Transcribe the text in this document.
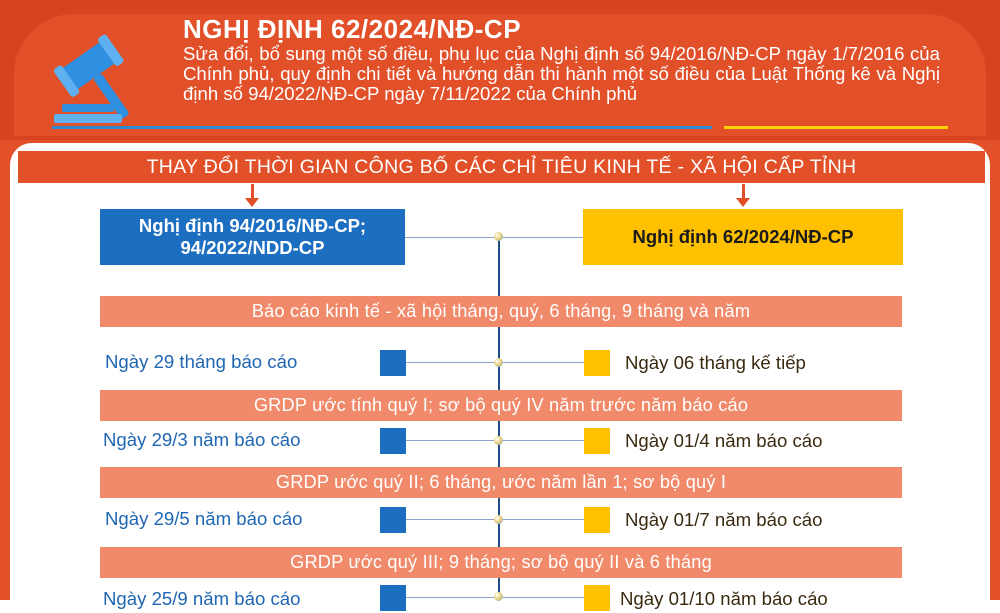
NGHỊ ĐỊNH 62/2024/NĐ-CP
Sửa đổi, bổ sung một số điều, phụ lục của Nghị định số 94/2016/NĐ-CP ngày 1/7/2016 của Chính phủ, quy định chi tiết và hướng dẫn thi hành một số điều của Luật Thống kê và Nghị định số 94/2022/NĐ-CP ngày 7/11/2022 của Chính phủ
THAY ĐỔI THỜI GIAN CÔNG BỐ CÁC CHỈ TIÊU KINH TẾ - XÃ HỘI CẤP TỈNH
Nghị định 94/2016/NĐ-CP; 94/2022/NDD-CP
Nghị định 62/2024/NĐ-CP
Báo cáo kinh tế - xã hội tháng, quý, 6 tháng, 9 tháng và năm
Ngày 29 tháng báo cáo	Ngày 06 tháng kế tiếp
GRDP ước tính quý I; sơ bộ quý IV năm trước năm báo cáo
Ngày 29/3 năm báo cáo	Ngày 01/4 năm báo cáo
GRDP ước quý II; 6 tháng, ước năm lần 1; sơ bộ quý I
Ngày 29/5 năm báo cáo	Ngày 01/7 năm báo cáo
GRDP ước quý III; 9 tháng; sơ bộ quý II và 6 tháng
Ngày 25/9 năm báo cáo	Ngày 01/10 năm báo cáo
